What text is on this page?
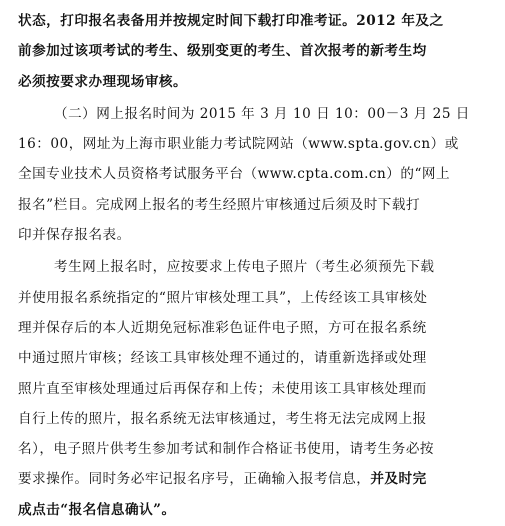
状态，打印报名表备用并按规定时间下载打印准考证。2012 年及之
前参加过该项考试的考生、级别变更的考生、首次报考的新考生均
必须按要求办理现场审核。

（二）网上报名时间为 2015 年 3 月 10 日 10：00－3 月 25 日
16：00，网址为上海市职业能力考试院网站（www.spta.gov.cn）或
全国专业技术人员资格考试服务平台（www.cpta.com.cn）的“网上
报名”栏目。完成网上报名的考生经照片审核通过后须及时下载打
印并保存报名表。

考生网上报名时，应按要求上传电子照片（考生必须预先下载
并使用报名系统指定的“照片审核处理工具”，上传经该工具审核处
理并保存后的本人近期免冠标准彩色证件电子照，方可在报名系统
中通过照片审核；经该工具审核处理不通过的，请重新选择或处理
照片直至审核处理通过后再保存和上传；未使用该工具审核处理而
自行上传的照片，报名系统无法审核通过，考生将无法完成网上报
名），电子照片供考生参加考试和制作合格证书使用，请考生务必按
要求操作。同时务必牢记报名序号，正确输入报考信息，并及时完
成点击“报名信息确认”。
